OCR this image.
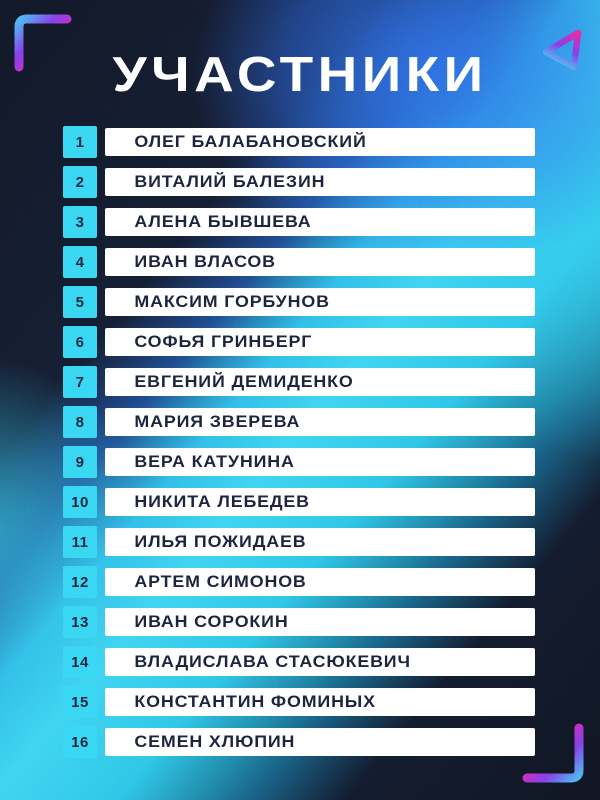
УЧАСТНИКИ
1	ОЛЕГ БАЛАБАНОВСКИЙ
2	ВИТАЛИЙ БАЛЕЗИН
3	АЛЕНА БЫВШЕВА
4	ИВАН ВЛАСОВ
5	МАКСИМ ГОРБУНОВ
6	СОФЬЯ ГРИНБЕРГ
7	ЕВГЕНИЙ ДЕМИДЕНКО
8	МАРИЯ ЗВЕРЕВА
9	ВЕРА КАТУНИНА
10	НИКИТА ЛЕБЕДЕВ
11	ИЛЬЯ ПОЖИДАЕВ
12	АРТЕМ СИМОНОВ
13	ИВАН СОРОКИН
14	ВЛАДИСЛАВА СТАСЮКЕВИЧ
15	КОНСТАНТИН ФОМИНЫХ
16	СЕМЕН ХЛЮПИН
